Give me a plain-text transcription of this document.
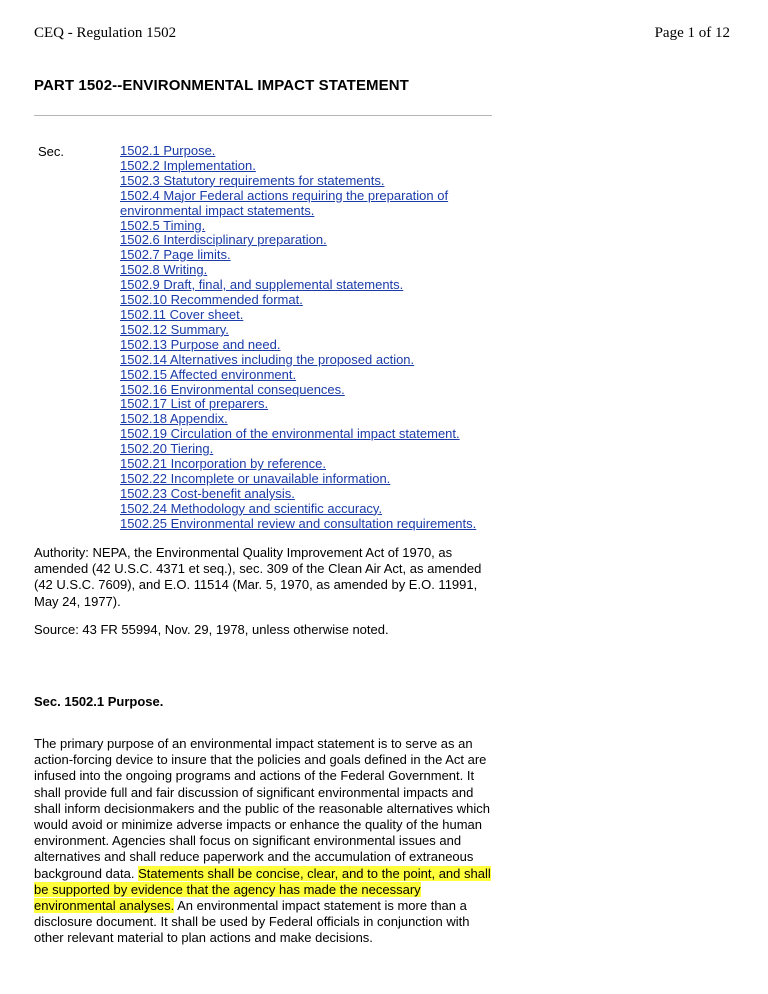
CEQ - Regulation 1502	Page 1 of 12
PART 1502--ENVIRONMENTAL IMPACT STATEMENT
Sec.	1502.1 Purpose.
1502.2 Implementation.
1502.3 Statutory requirements for statements.
1502.4 Major Federal actions requiring the preparation of
environmental impact statements.
1502.5 Timing.
1502.6 Interdisciplinary preparation.
1502.7 Page limits.
1502.8 Writing.
1502.9 Draft, final, and supplemental statements.
1502.10 Recommended format.
1502.11 Cover sheet.
1502.12 Summary.
1502.13 Purpose and need.
1502.14 Alternatives including the proposed action.
1502.15 Affected environment.
1502.16 Environmental consequences.
1502.17 List of preparers.
1502.18 Appendix.
1502.19 Circulation of the environmental impact statement.
1502.20 Tiering.
1502.21 Incorporation by reference.
1502.22 Incomplete or unavailable information.
1502.23 Cost-benefit analysis.
1502.24 Methodology and scientific accuracy.
1502.25 Environmental review and consultation requirements.

Authority: NEPA, the Environmental Quality Improvement Act of 1970, as amended (42 U.S.C. 4371 et seq.), sec. 309 of the Clean Air Act, as amended (42 U.S.C. 7609), and E.O. 11514 (Mar. 5, 1970, as amended by E.O. 11991, May 24, 1977).

Source: 43 FR 55994, Nov. 29, 1978, unless otherwise noted.

Sec. 1502.1 Purpose.

The primary purpose of an environmental impact statement is to serve as an action-forcing device to insure that the policies and goals defined in the Act are infused into the ongoing programs and actions of the Federal Government. It shall provide full and fair discussion of significant environmental impacts and shall inform decisionmakers and the public of the reasonable alternatives which would avoid or minimize adverse impacts or enhance the quality of the human environment. Agencies shall focus on significant environmental issues and alternatives and shall reduce paperwork and the accumulation of extraneous background data. Statements shall be concise, clear, and to the point, and shall be supported by evidence that the agency has made the necessary environmental analyses. An environmental impact statement is more than a disclosure document. It shall be used by Federal officials in conjunction with other relevant material to plan actions and make decisions.
